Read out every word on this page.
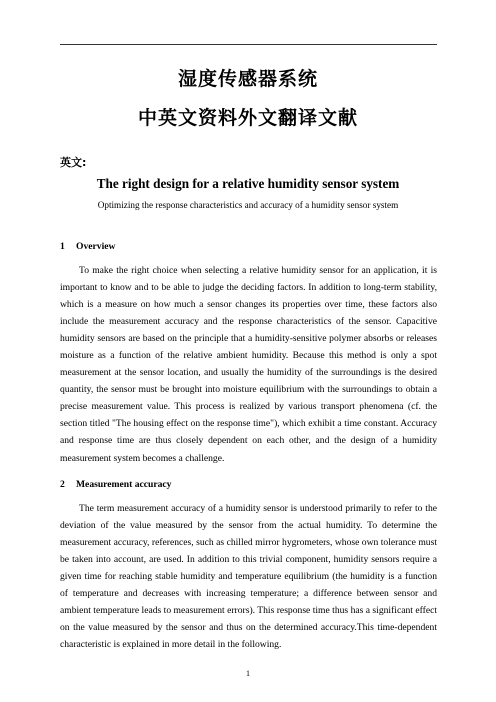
湿度传感器系统
中英文资料外文翻译文献
英文:
The right design for a relative humidity sensor system
Optimizing the response characteristics and accuracy of a humidity sensor system
1 Overview

To make the right choice when selecting a relative humidity sensor for an application, it is important to know and to be able to judge the deciding factors. In addition to long-term stability, which is a measure on how much a sensor changes its properties over time, these factors also include the measurement accuracy and the response characteristics of the sensor. Capacitive humidity sensors are based on the principle that a humidity-sensitive polymer absorbs or releases moisture as a function of the relative ambient humidity. Because this method is only a spot measurement at the sensor location, and usually the humidity of the surroundings is the desired quantity, the sensor must be brought into moisture equilibrium with the surroundings to obtain a precise measurement value. This process is realized by various transport phenomena (cf. the section titled "The housing effect on the response time"), which exhibit a time constant. Accuracy and response time are thus closely dependent on each other, and the design of a humidity measurement system becomes a challenge.

2 Measurement accuracy

The term measurement accuracy of a humidity sensor is understood primarily to refer to the deviation of the value measured by the sensor from the actual humidity. To determine the measurement accuracy, references, such as chilled mirror hygrometers, whose own tolerance must be taken into account, are used. In addition to this trivial component, humidity sensors require a given time for reaching stable humidity and temperature equilibrium (the humidity is a function of temperature and decreases with increasing temperature; a difference between sensor and ambient temperature leads to measurement errors). This response time thus has a significant effect on the value measured by the sensor and thus on the determined accuracy.This time-dependent characteristic is explained in more detail in the following.

1
